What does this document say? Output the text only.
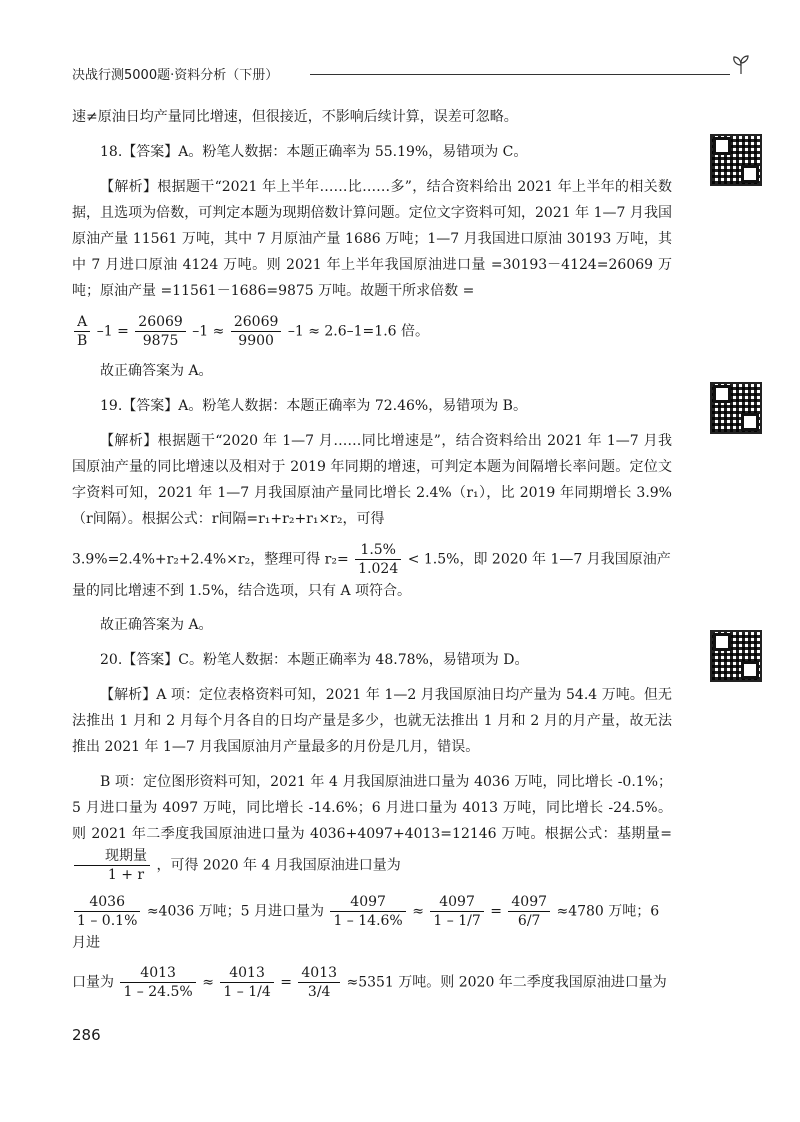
决战行测5000题·资料分析（下册）

速≠原油日均产量同比增速，但很接近，不影响后续计算，误差可忽略。

18.【答案】A。粉笔人数据：本题正确率为 55.19%，易错项为 C。

【解析】根据题干“2021 年上半年……比……多”，结合资料给出 2021 年上半年的相关数据，且选项为倍数，可判定本题为现期倍数计算问题。定位文字资料可知，2021 年 1—7 月我国原油产量 11561 万吨，其中 7 月原油产量 1686 万吨；1—7 月我国进口原油 30193 万吨，其中 7 月进口原油 4124 万吨。则 2021 年上半年我国原油进口量 =30193－4124=26069 万吨；原油产量 =11561－1686=9875 万吨。故题干所求倍数 =

$\frac{A}{B} -1 = \frac{26069}{9875} -1 \approx \frac{26069}{9900} -1 \approx 2.6-1=1.6$ 倍。

故正确答案为 A。

19.【答案】A。粉笔人数据：本题正确率为 72.46%，易错项为 B。

【解析】根据题干“2020 年 1—7 月……同比增速是”，结合资料给出 2021 年 1—7 月我国原油产量的同比增速以及相对于 2019 年同期的增速，可判定本题为间隔增长率问题。定位文字资料可知，2021 年 1—7 月我国原油产量同比增长 2.4%（r₁），比 2019 年同期增长 3.9%（r间隔）。根据公式：r间隔=r₁+r₂+r₁×r₂，可得

3.9%=2.4%+r₂+2.4%×r₂，整理可得 $r_2= \frac{1.5\%}{1.024} < 1.5\%$，即 2020 年 1—7 月我国原油产量的同比增速不到 1.5%，结合选项，只有 A 项符合。

故正确答案为 A。

20.【答案】C。粉笔人数据：本题正确率为 48.78%，易错项为 D。

【解析】A 项：定位表格资料可知，2021 年 1—2 月我国原油日均产量为 54.4 万吨。但无法推出 1 月和 2 月每个月各自的日均产量是多少，也就无法推出 1 月和 2 月的月产量，故无法推出 2021 年 1—7 月我国原油月产量最多的月份是几月，错误。

B 项：定位图形资料可知，2021 年 4 月我国原油进口量为 4036 万吨，同比增长 -0.1%；5 月进口量为 4097 万吨，同比增长 -14.6%；6 月进口量为 4013 万吨，同比增长 -24.5%。则 2021 年二季度我国原油进口量为 4036+4097+4013=12146 万吨。根据公式：基期量=
$\frac{\text{现期量}}{1 + r}$ ，可得 2020 年 4 月我国原油进口量为

$\frac{4036}{1 - 0.1\%} \approx 4036$ 万吨；5 月进口量为 $\frac{4097}{1 - 14.6\%} \approx \frac{4097}{1 - 1/7} = \frac{4097}{6/7} \approx 4780$ 万吨；6 月进
口量为 $\frac{4013}{1 - 24.5\%} \approx \frac{4013}{1 - 1/4} = \frac{4013}{3/4} \approx 5351$ 万吨。则 2020 年二季度我国原油进口量为
286
